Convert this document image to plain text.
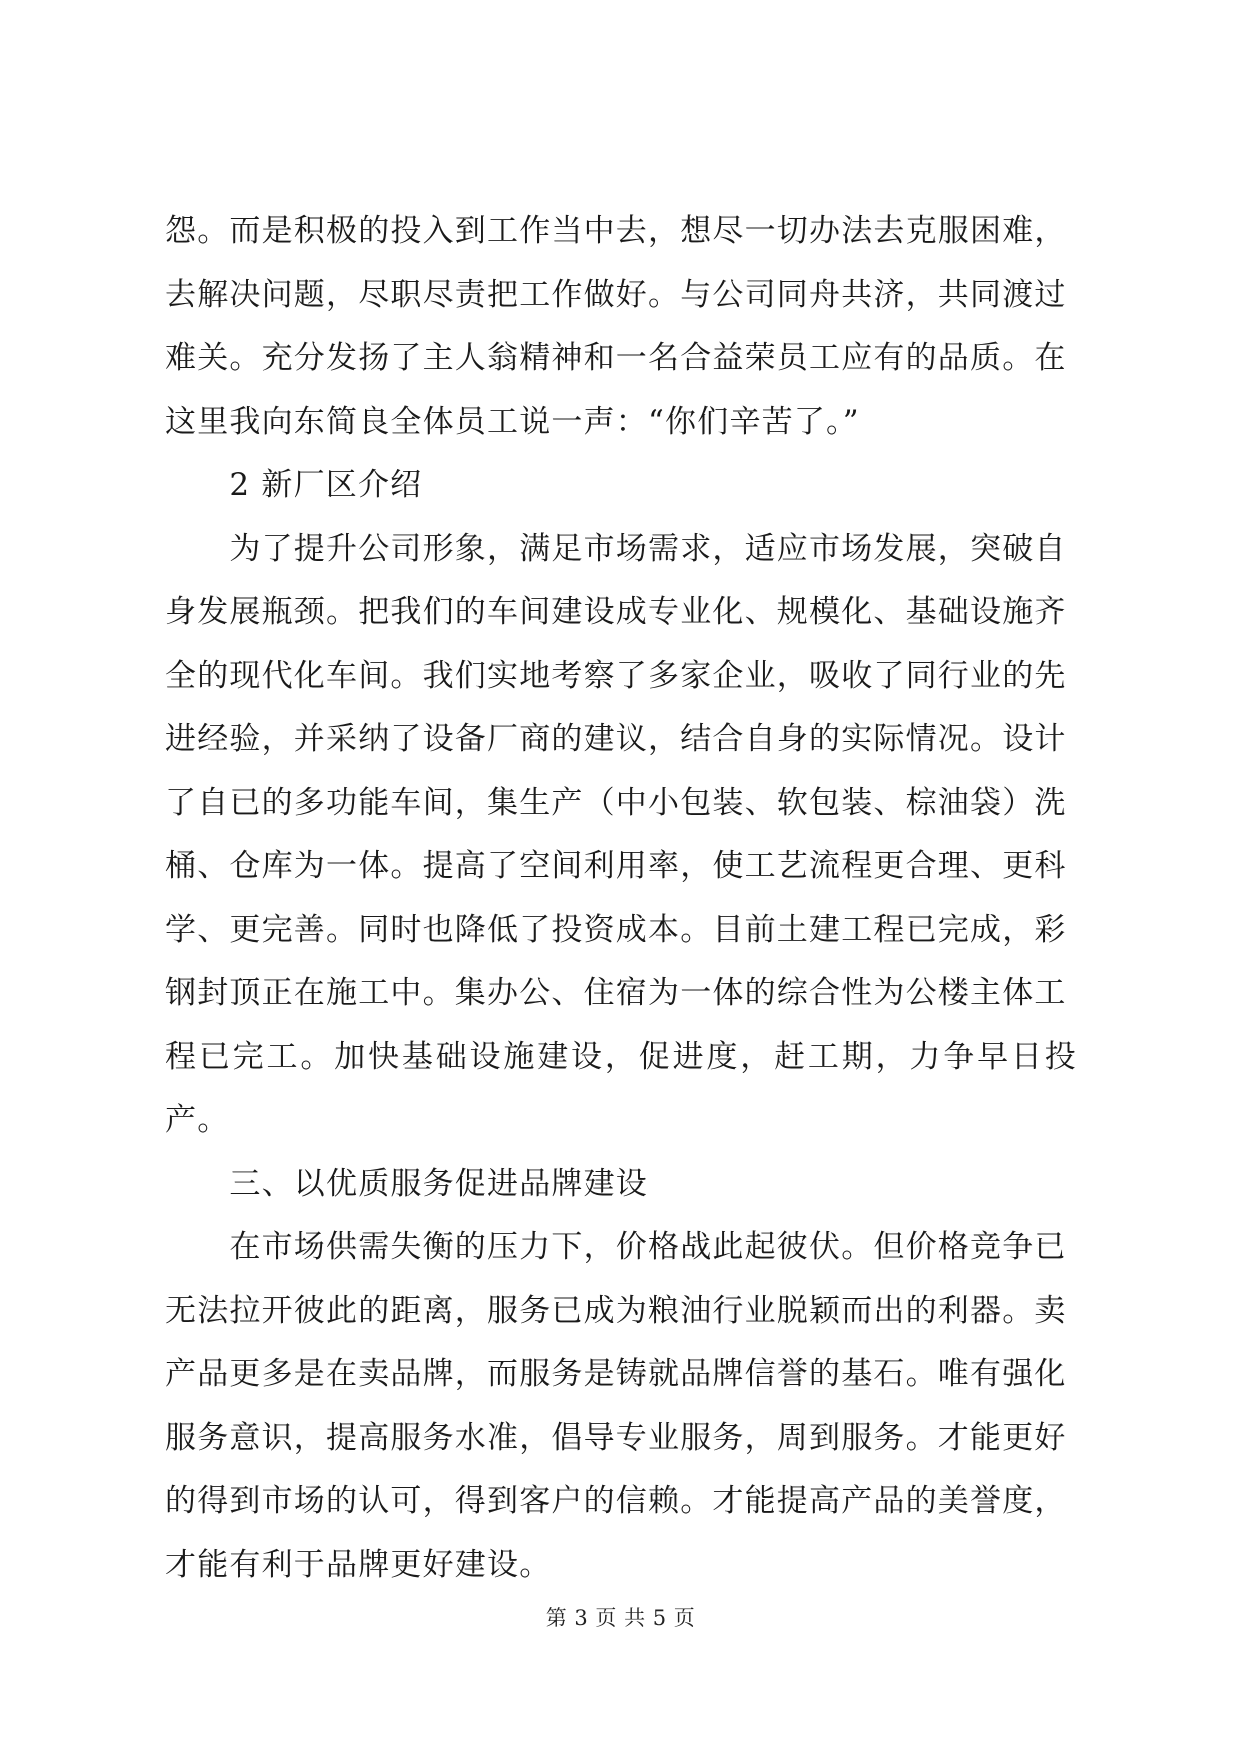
怨。而是积极的投入到工作当中去，想尽一切办法去克服困难，

去解决问题，尽职尽责把工作做好。与公司同舟共济，共同渡过

难关。充分发扬了主人翁精神和一名合益荣员工应有的品质。在

这里我向东简良全体员工说一声：“你们辛苦了。”

　　2 新厂区介绍

　　为了提升公司形象，满足市场需求，适应市场发展，突破自

身发展瓶颈。把我们的车间建设成专业化、规模化、基础设施齐

全的现代化车间。我们实地考察了多家企业，吸收了同行业的先

进经验，并采纳了设备厂商的建议，结合自身的实际情况。设计

了自已的多功能车间，集生产（中小包装、软包装、棕油袋）洗

桶、仓库为一体。提高了空间利用率，使工艺流程更合理、更科

学、更完善。同时也降低了投资成本。目前土建工程已完成，彩

钢封顶正在施工中。集办公、住宿为一体的综合性为公楼主体工

程已完工。加快基础设施建设，促进度，赶工期，力争早日投产。

　　三、以优质服务促进品牌建设

　　在市场供需失衡的压力下，价格战此起彼伏。但价格竞争已

无法拉开彼此的距离，服务已成为粮油行业脱颖而出的利器。卖

产品更多是在卖品牌，而服务是铸就品牌信誉的基石。唯有强化

服务意识，提高服务水准，倡导专业服务，周到服务。才能更好

的得到市场的认可，得到客户的信赖。才能提高产品的美誉度，

才能有利于品牌更好建设。

第 3 页 共 5 页
